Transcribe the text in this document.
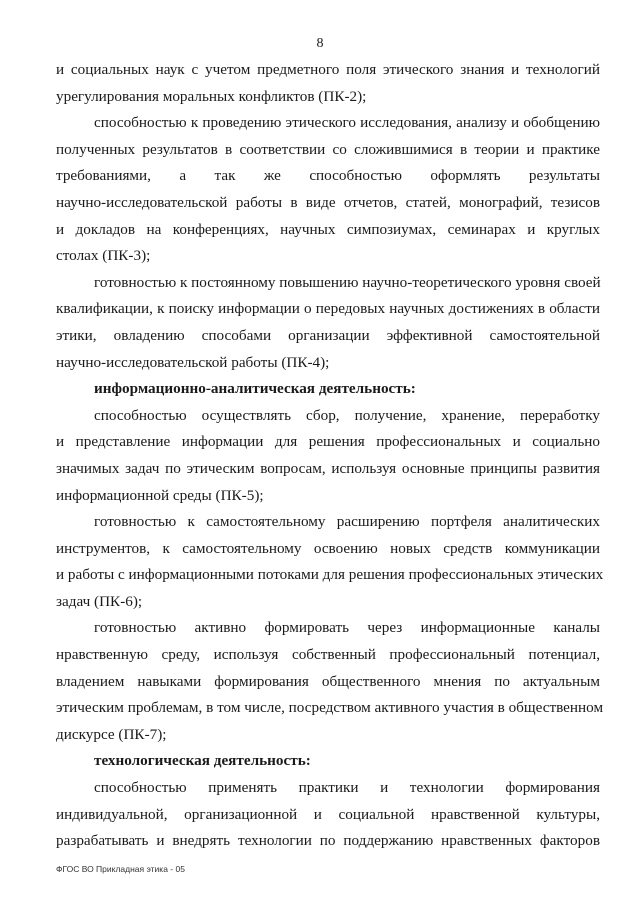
8

и социальных наук с учетом предметного поля этического знания и технологий
урегулирования моральных конфликтов (ПК-2);

способностью к проведению этического исследования, анализу и обобщению
полученных результатов в соответствии со сложившимися в теории и практике
требованиями, а так же способностью оформлять результаты
научно-исследовательской работы в виде отчетов, статей, монографий, тезисов
и докладов на конференциях, научных симпозиумах, семинарах и круглых
столах (ПК-3);

готовностью к постоянному повышению научно-теоретического уровня своей
квалификации, к поиску информации о передовых научных достижениях в области
этики, овладению способами организации эффективной самостоятельной
научно-исследовательской работы (ПК-4);

информационно-аналитическая деятельность:

способностью осуществлять сбор, получение, хранение, переработку
и представление информации для решения профессиональных и социально
значимых задач по этическим вопросам, используя основные принципы развития
информационной среды (ПК-5);

готовностью к самостоятельному расширению портфеля аналитических
инструментов, к самостоятельному освоению новых средств коммуникации
и работы с информационными потоками для решения профессиональных этических
задач (ПК-6);

готовностью активно формировать через информационные каналы
нравственную среду, используя собственный профессиональный потенциал,
владением навыками формирования общественного мнения по актуальным
этическим проблемам, в том числе, посредством активного участия в общественном
дискурсе (ПК-7);

технологическая деятельность:

способностью применять практики и технологии формирования
индивидуальной, организационной и социальной нравственной культуры,
разрабатывать и внедрять технологии по поддержанию нравственных факторов

ФГОС ВО Прикладная этика - 05
